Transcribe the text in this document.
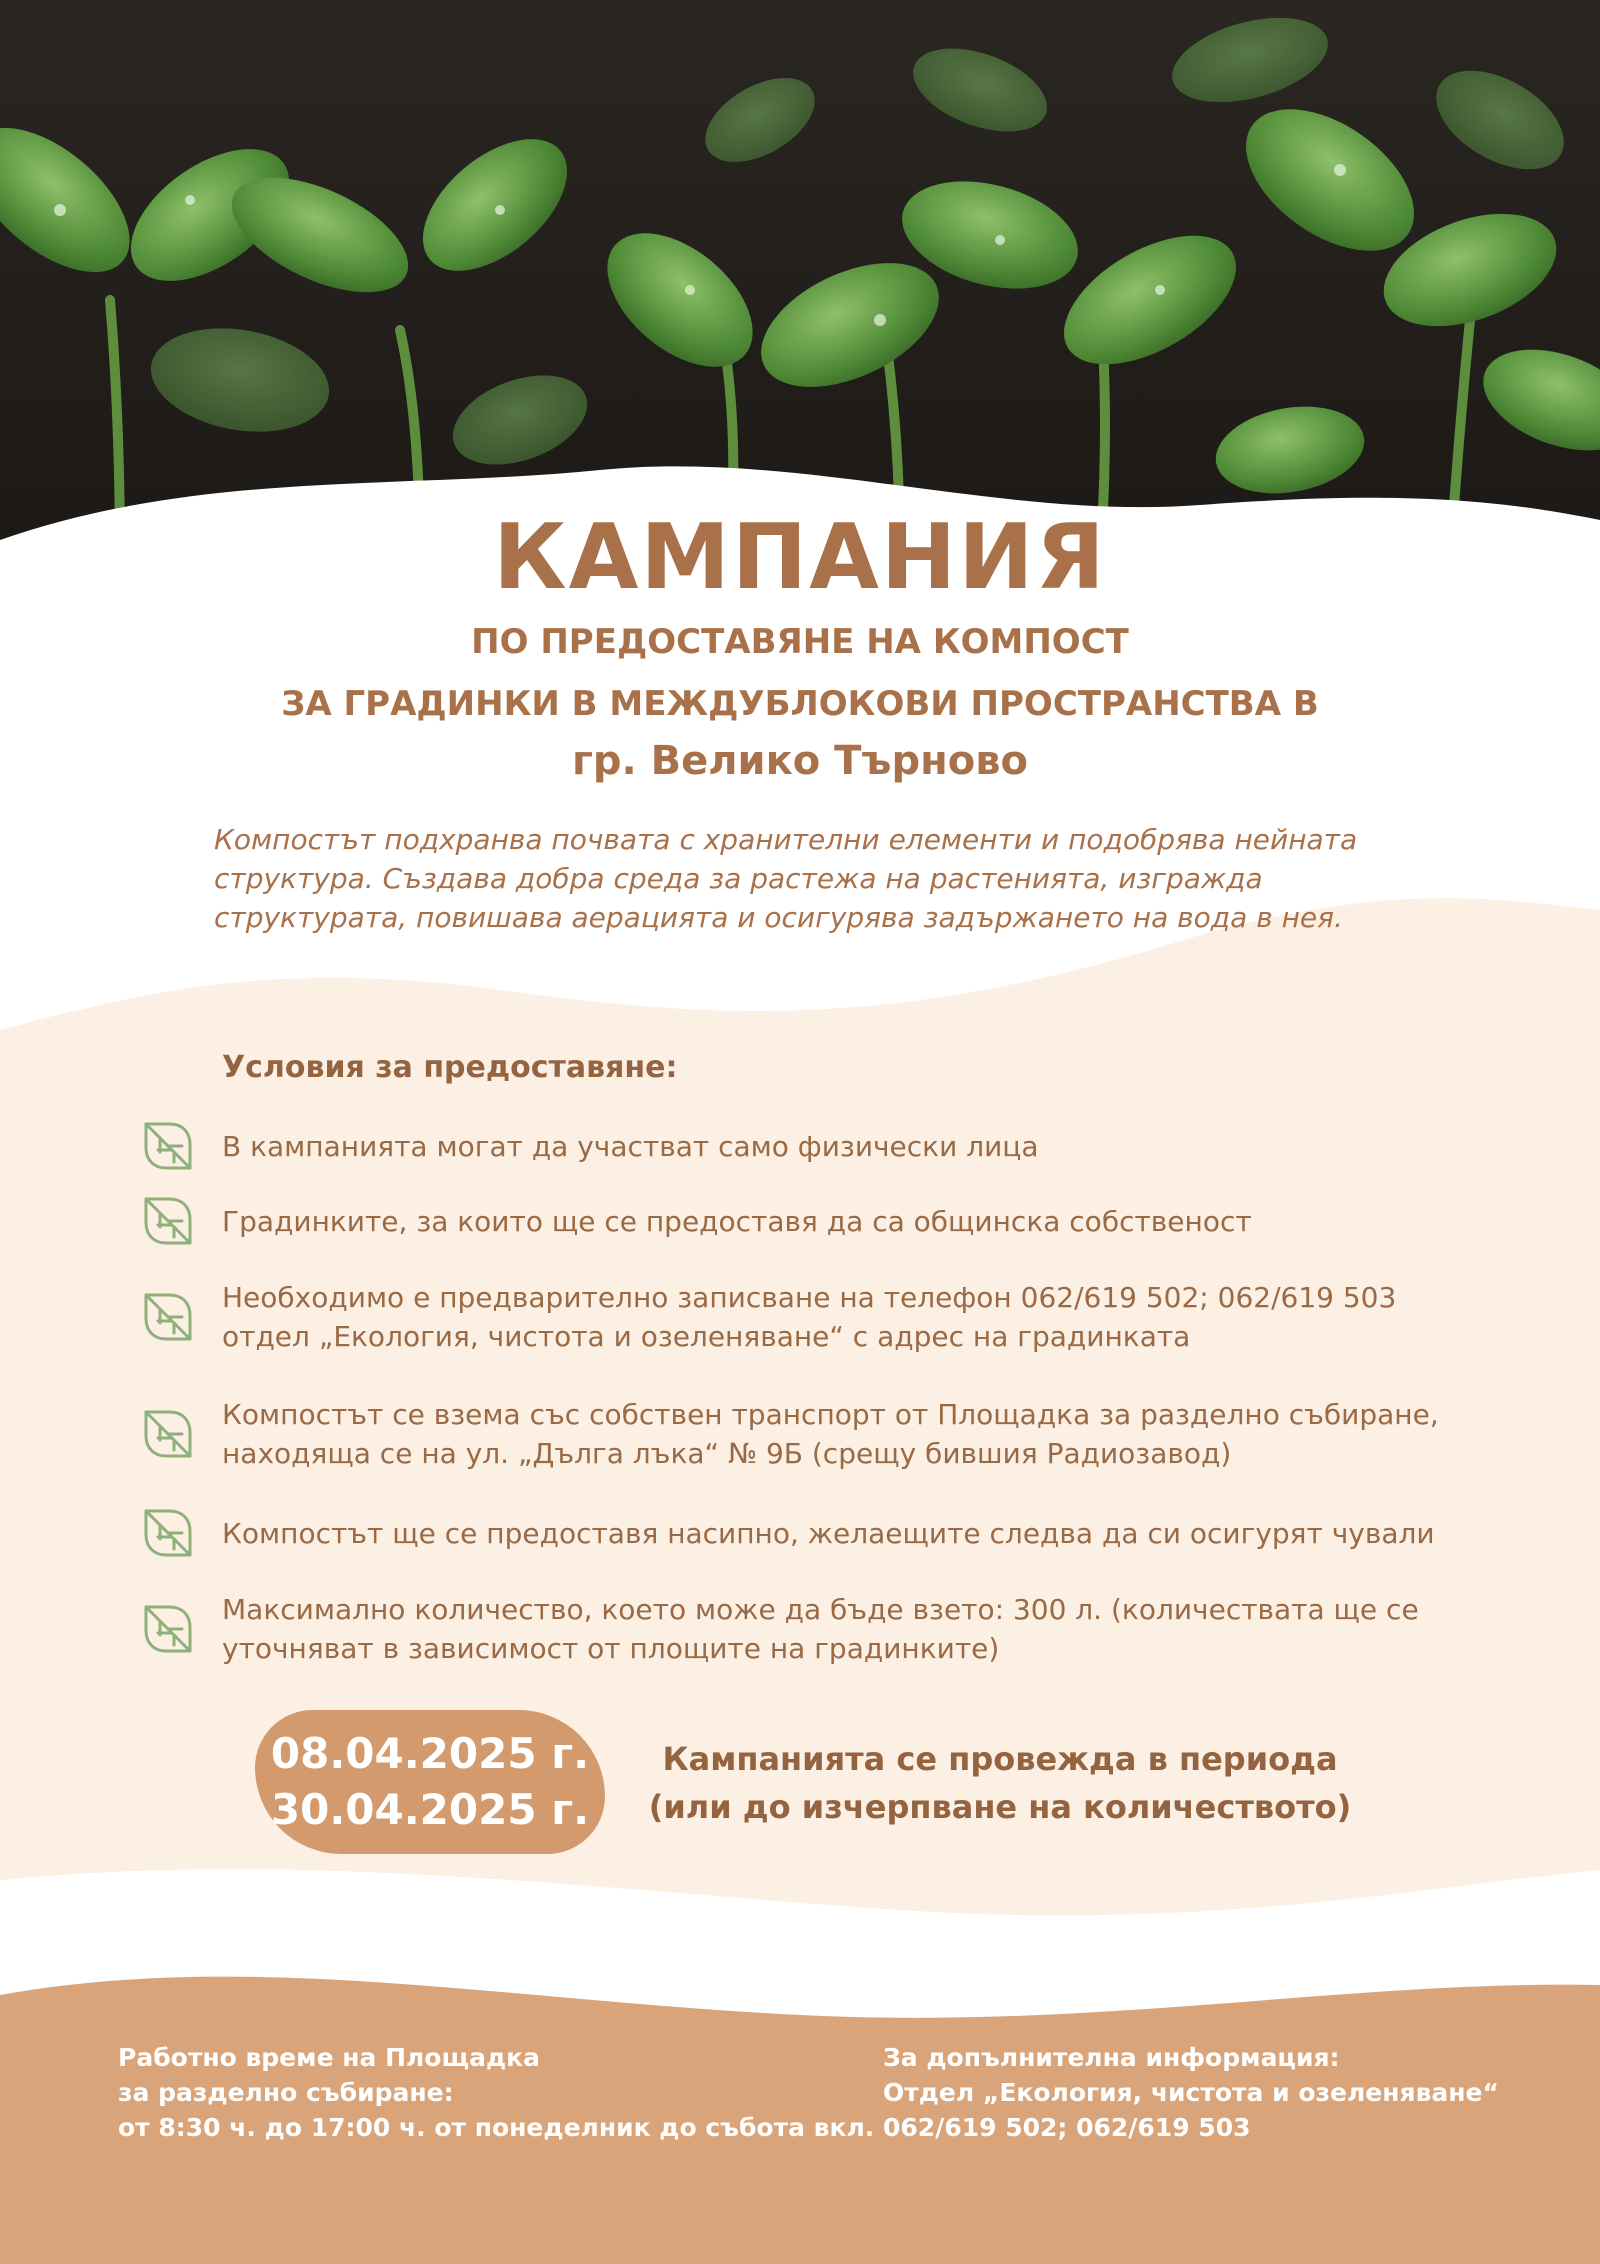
КАМПАНИЯ

ПО ПРЕДОСТАВЯНЕ НА КОМПОСТ

ЗА ГРАДИНКИ В МЕЖДУБЛОКОВИ ПРОСТРАНСТВА В

гр. Велико Търново

Компостът подхранва почвата с хранителни елементи и подобрява нейната
структура. Създава добра среда за растежа на растенията, изгражда
структурата, повишава аерацията и осигурява задържането на вода в нея.

Условия за предоставяне:
В кампанията могат да участват само физически лица
Градинките, за които ще се предоставя да са общинска собственост
Необходимо е предварително записване на телефон 062/619 502; 062/619 503
отдел „Екология, чистота и озеленяване“ с адрес на градинката
Компостът се взема със собствен транспорт от Площадка за разделно събиране,
находяща се на ул. „Дълга лъка“ № 9Б (срещу бившия Радиозавод)
Компостът ще се предоставя насипно, желаещите следва да си осигурят чували
Максимално количество, което може да бъде взето: 300 л. (количествата ще се
уточняват в зависимост от площите на градинките)
08.04.2025 г.
30.04.2025 г.
Кампанията се провежда в периода
(или до изчерпване на количеството)
Работно време на Площадка
за разделно събиране:
от 8:30 ч. до 17:00 ч. от понеделник до събота вкл.
За допълнителна информация:
Отдел „Екология, чистота и озеленяване“
062/619 502; 062/619 503
